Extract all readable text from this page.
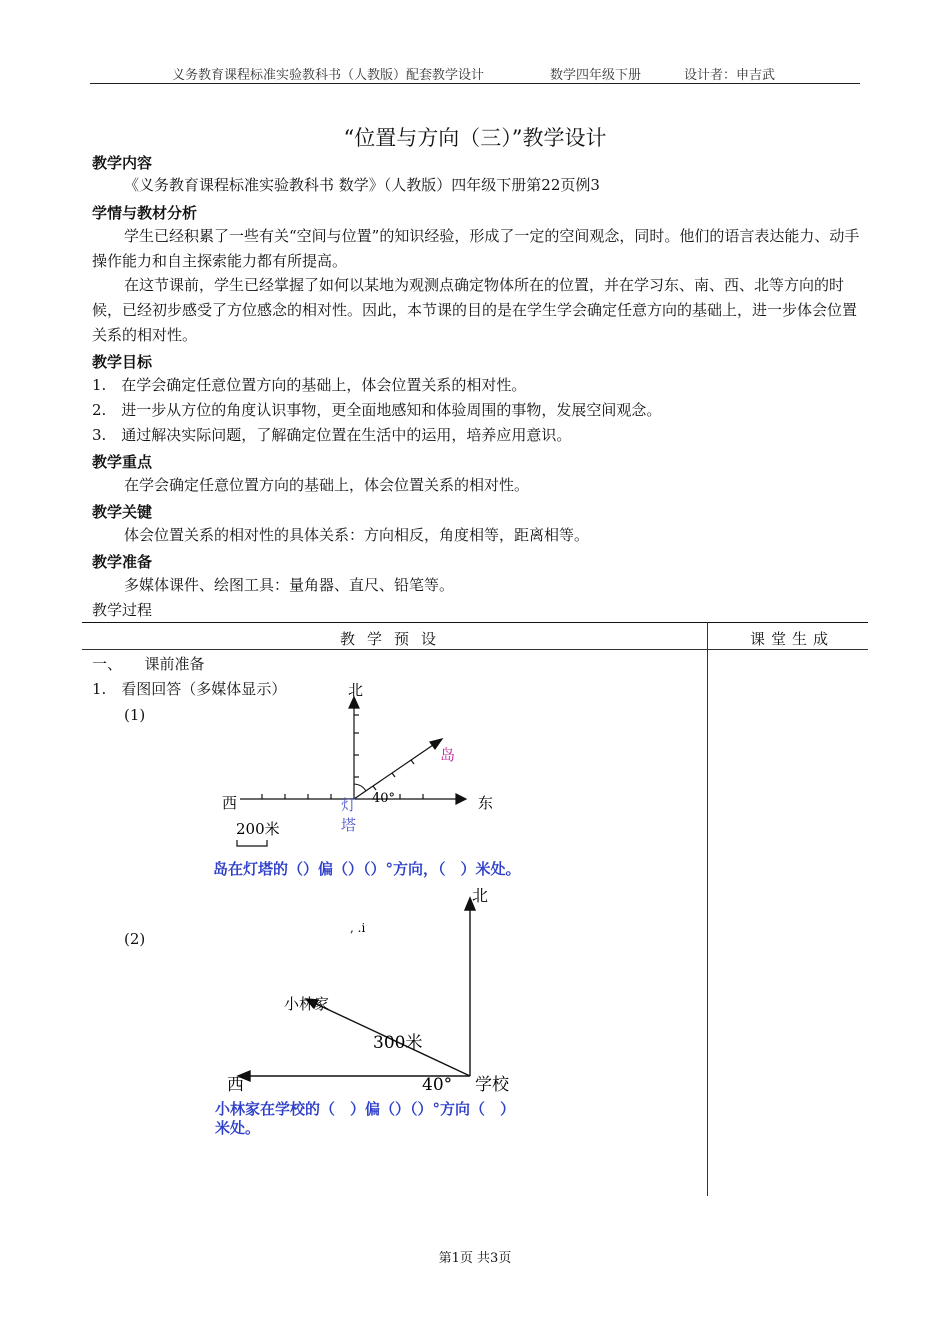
义务教育课程标准实验教科书（人教版）配套教学设计	数学四年级下册	设计者：申吉武
“位置与方向（三）”教学设计
教学内容
《义务教育课程标准实验教科书 数学》（人教版）四年级下册第22页例3
学情与教材分析
学生已经积累了一些有关“空间与位置”的知识经验，形成了一定的空间观念，同时。他们的语言表达能力、动手操作能力和自主探索能力都有所提高。
在这节课前，学生已经掌握了如何以某地为观测点确定物体所在的位置，并在学习东、南、西、北等方向的时候，已经初步感受了方位感念的相对性。因此，本节课的目的是在学生学会确定任意方向的基础上，进一步体会位置关系的相对性。
教学目标
1.　在学会确定任意位置方向的基础上，体会位置关系的相对性。
2.　进一步从方位的角度认识事物，更全面地感知和体验周围的事物，发展空间观念。
3.　通过解决实际问题，了解确定位置在生活中的运用，培养应用意识。
教学重点
在学会确定任意位置方向的基础上，体会位置关系的相对性。
教学关键
体会位置关系的相对性的具体关系：方向相反，角度相等，距离相等。
教学准备
多媒体课件、绘图工具：量角器、直尺、铅笔等。
教学过程
教学预设	课堂生成
一、　　课前准备
1.　看图回答（多媒体显示）
(1)
(2)
北
西	东
岛
灯
塔
40°
200米
岛在灯塔的（）偏（）（）°方向，（　）米处。
北
西	学校
小林家
300米
40°
, .i
小林家在学校的（　）偏（）（）°方向（　）米处。
第1页 共3页
